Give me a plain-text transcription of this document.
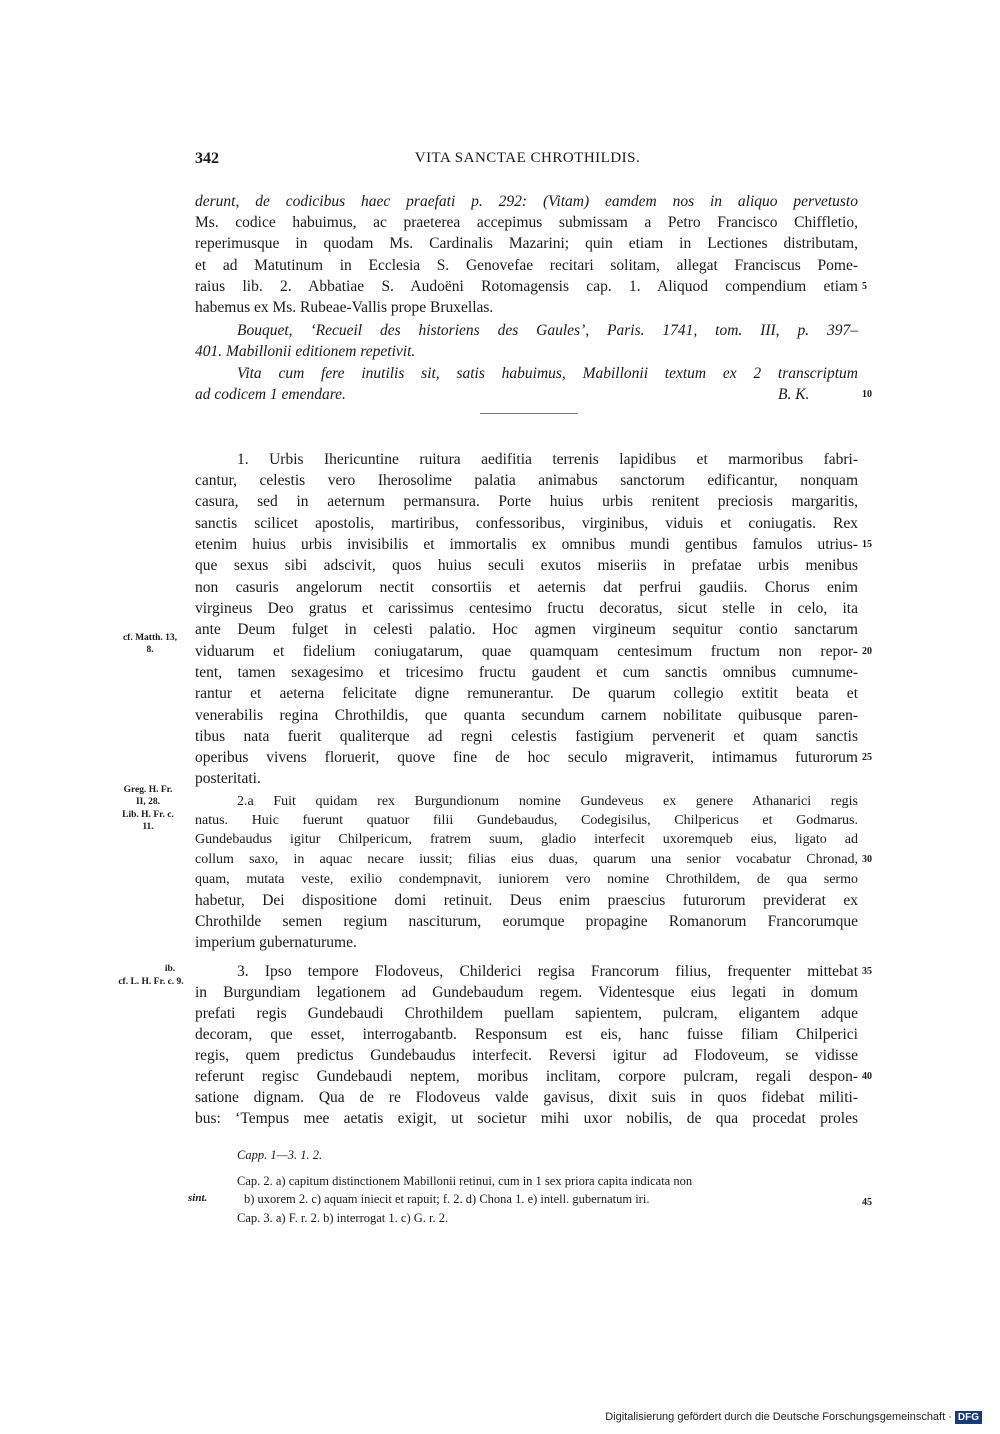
342	VITA SANCTAE CHROTHILDIS.
derunt, de codicibus haec praefati p. 292: (Vitam) eamdem nos in aliquo pervetusto
Ms. codice habuimus, ac praeterea accepimus submissam a Petro Francisco Chiffletio,
reperimusque in quodam Ms. Cardinalis Mazarini; quin etiam in Lectiones distributam,
et ad Matutinum in Ecclesia S. Genovefae recitari solitam, allegat Franciscus Pome-
raius lib. 2. Abbatiae S. Audoëni Rotomagensis cap. 1. Aliquod compendium etiam
habemus ex Ms. Rubeae-Vallis prope Bruxellas.
Bouquet, ‘Recueil des historiens des Gaules’, Paris. 1741, tom. III, p. 397–
401. Mabillonii editionem repetivit.
Vita cum fere inutilis sit, satis habuimus, Mabillonii textum ex 2 transcriptum
ad codicem 1 emendare.	B. K.
1. Urbis Ihericuntine ruitura aedifitia terrenis lapidibus et marmoribus fabri-
cantur, celestis vero Iherosolime palatia animabus sanctorum edificantur, nonquam
casura, sed in aeternum permansura. Porte huius urbis renitent preciosis margaritis,
sanctis scilicet apostolis, martiribus, confessoribus, virginibus, viduis et coniugatis. Rex
etenim huius urbis invisibilis et immortalis ex omnibus mundi gentibus famulos utrius-
que sexus sibi adscivit, quos huius seculi exutos miseriis in prefatae urbis menibus
non casuris angelorum nectit consortiis et aeternis dat perfrui gaudiis. Chorus enim
virgineus Deo gratus et carissimus centesimo fructu decoratus, sicut stelle in celo, ita
ante Deum fulget in celesti palatio. Hoc agmen virgineum sequitur contio sanctarum
viduarum et fidelium coniugatarum, quae quamquam centesimum fructum non repor-
tent, tamen sexagesimo et tricesimo fructu gaudent et cum sanctis omnibus cumnume-
rantur et aeterna felicitate digne remunerantur. De quarum collegio extitit beata et
venerabilis regina Chrothildis, que quanta secundum carnem nobilitate quibusque paren-
tibus nata fuerit qualiterque ad regni celestis fastigium pervenerit et quam sanctis
operibus vivens floruerit, quove fine de hoc seculo migraverit, intimamus futurorum
posteritati.
2.a Fuit quidam rex Burgundionum nomine Gundeveus ex genere Athanarici regis
natus. Huic fuerunt quatuor filii Gundebaudus, Codegisilus, Chilpericus et Godmarus.
Gundebaudus igitur Chilpericum, fratrem suum, gladio interfecit uxoremqueb eius, ligato ad
collum saxo, in aquac necare iussit; filias eius duas, quarum una senior vocabatur Chronad,
quam, mutata veste, exilio condempnavit, iuniorem vero nomine Chrothildem, de qua sermo
habetur, Dei dispositione domi retinuit. Deus enim praescius futurorum previderat ex
Chrothilde semen regium nasciturum, eorumque propagine Romanorum Francorumque
imperium gubernaturume.
3. Ipso tempore Flodoveus, Childerici regisa Francorum filius, frequenter mittebat
in Burgundiam legationem ad Gundebaudum regem. Videntesque eius legati in domum
prefati regis Gundebaudi Chrothildem puellam sapientem, pulcram, eligantem adque
decoram, que esset, interrogabantb. Responsum est eis, hanc fuisse filiam Chilperici
regis, quem predictus Gundebaudus interfecit. Reversi igitur ad Flodoveum, se vidisse
referunt regisc Gundebaudi neptem, moribus inclitam, corpore pulcram, regali despon-
satione dignam. Qua de re Flodoveus valde gavisus, dixit suis in quos fidebat militi-
bus: ‘Tempus mee aetatis exigit, ut societur mihi uxor nobilis, de qua procedat proles
5
10
15
20
25
30
35
40
45
cf. Matth. 13, 8.
Greg. H. Fr. II, 28.
Lib. H. Fr. c. 11.
ib.
cf. L. H. Fr. c. 9.
Capp. 1—3. 1. 2.
Cap. 2. a) capitum distinctionem Mabillonii retinui, cum in 1 sex priora capita indicata non
sint.	b) uxorem 2. c) aquam iniecit et rapuit; f. 2. d) Chona 1. e) intell. gubernatum iri.
Cap. 3. a) F. r. 2. b) interrogat 1. c) G. r. 2.
Digitalisierung gefördert durch die Deutsche Forschungsgemeinschaft · DFG
